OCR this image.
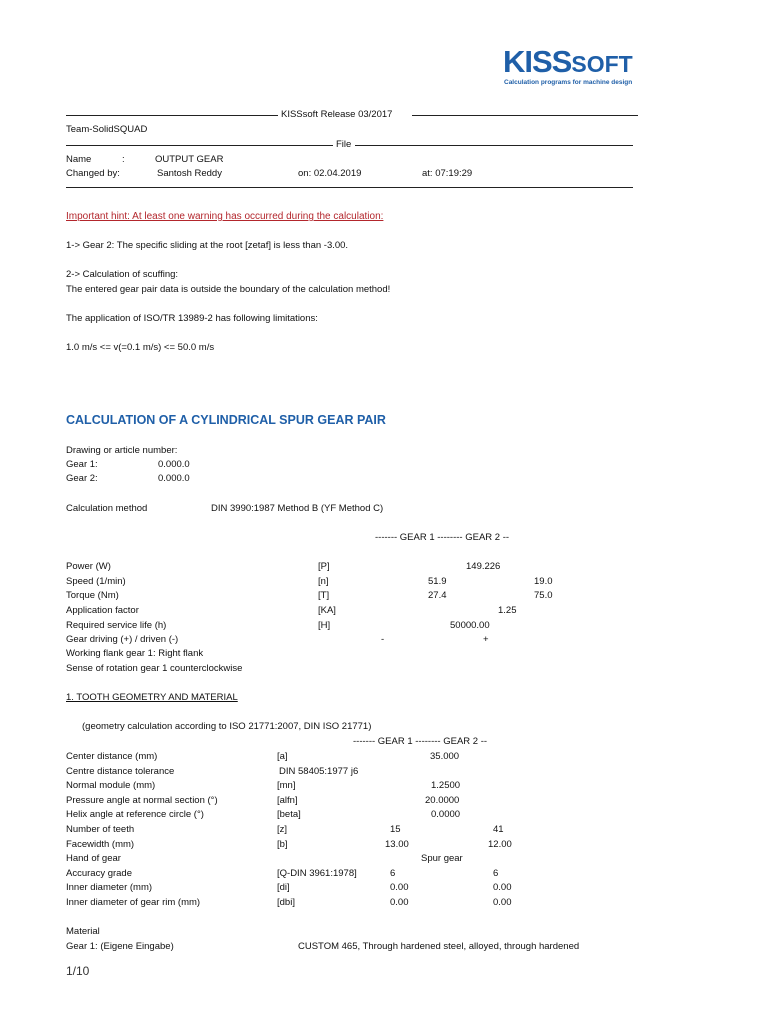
KISSSOFT
Calculation programs for machine design
KISSsoft Release 03/2017
Team-SolidSQUAD
File
Name	:	OUTPUT GEAR
Changed by:	Santosh Reddy	on: 02.04.2019	at: 07:19:29
Important hint: At least one warning has occurred during the calculation:
1-> Gear 2: The specific sliding at the root [zetaf] is less than -3.00.
2-> Calculation of scuffing:
The entered gear pair data is outside the boundary of the calculation method!
The application of ISO/TR 13989-2 has following limitations:
1.0 m/s <= v(=0.1 m/s) <= 50.0 m/s
CALCULATION OF A CYLINDRICAL SPUR GEAR PAIR
Drawing or article number:
Gear 1:	0.000.0
Gear 2:	0.000.0
Calculation method	DIN 3990:1987 Method B (YF Method C)
------- GEAR 1 -------- GEAR 2 --
Power (W)	[P]	149.226
Speed (1/min)	[n]	51.9	19.0
Torque (Nm)	[T]	27.4	75.0
Application factor	[KA]	1.25
Required service life (h)	[H]	50000.00
Gear driving (+) / driven (-)	-	+
Working flank gear 1: Right flank
Sense of rotation gear 1 counterclockwise
1. TOOTH GEOMETRY AND MATERIAL
(geometry calculation according to ISO 21771:2007, DIN ISO 21771)
------- GEAR 1 -------- GEAR 2 --
Center distance (mm)	[a]	35.000
Centre distance tolerance	DIN 58405:1977 j6
Normal module (mm)	[mn]	1.2500
Pressure angle at normal section (°)	[alfn]	20.0000
Helix angle at reference circle (°)	[beta]	0.0000
Number of teeth	[z]	15	41
Facewidth (mm)	[b]	13.00	12.00
Hand of gear	Spur gear
Accuracy grade	[Q-DIN 3961:1978]	6	6
Inner diameter (mm)	[di]	0.00	0.00
Inner diameter of gear rim (mm)	[dbi]	0.00	0.00
Material
Gear 1: (Eigene Eingabe)	CUSTOM 465, Through hardened steel, alloyed, through hardened
1/10
